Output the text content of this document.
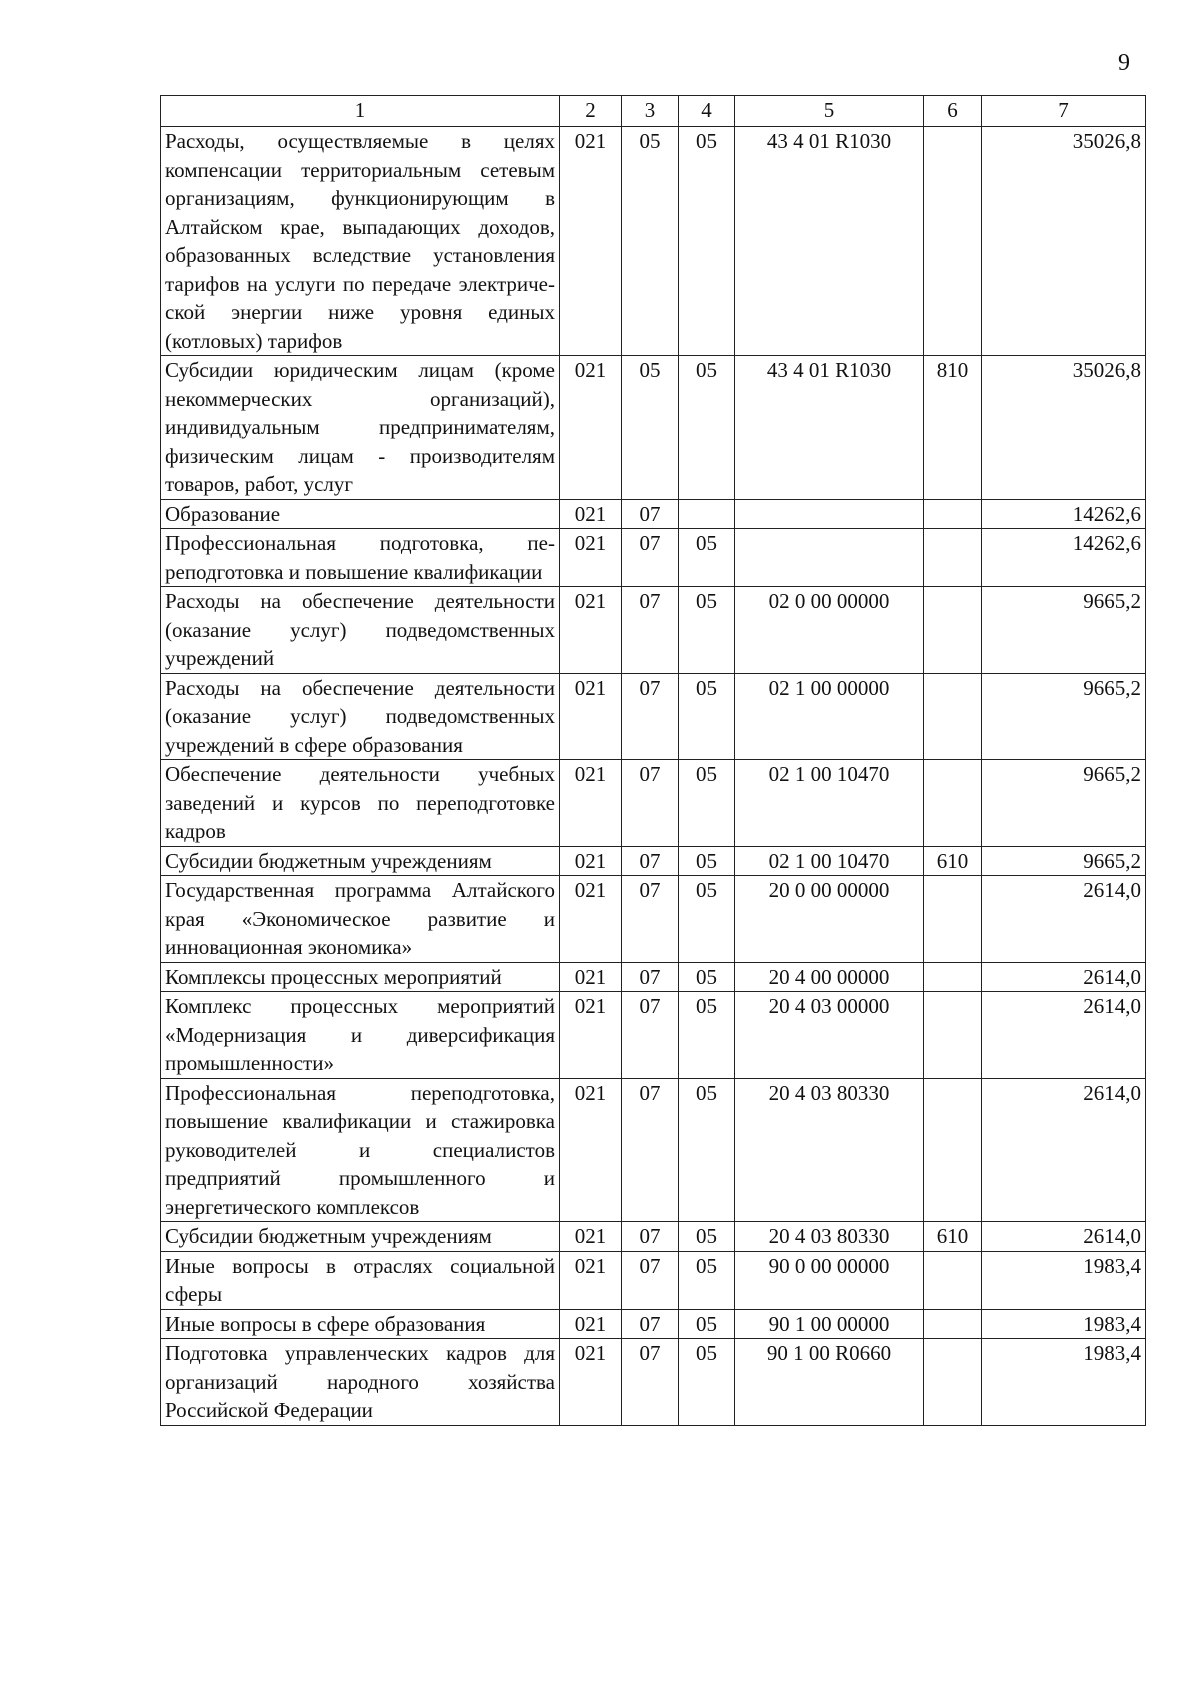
9
1	2	3	4	5	6	7
Расходы, осуществляемые в целях компенсации территориальным сетевым организациям, функционирующим в Алтайском крае, выпадающих доходов, образованных вследствие установления тарифов на услуги по передаче электрической энергии ниже уровня единых (котловых) тарифов	021	05	05	43 4 01 R1030		35026,8
Субсидии юридическим лицам (кроме некоммерческих организаций), индивидуальным предпринимателям, физическим лицам - производителям товаров, работ, услуг	021	05	05	43 4 01 R1030	810	35026,8
Образование	021	07				14262,6
Профессиональная подготовка, переподготовка и повышение квалификации	021	07	05			14262,6
Расходы на обеспечение деятельности (оказание услуг) подведомственных учреждений	021	07	05	02 0 00 00000		9665,2
Расходы на обеспечение деятельности (оказание услуг) подведомственных учреждений в сфере образования	021	07	05	02 1 00 00000		9665,2
Обеспечение деятельности учебных заведений и курсов по переподготовке кадров	021	07	05	02 1 00 10470		9665,2
Субсидии бюджетным учреждениям	021	07	05	02 1 00 10470	610	9665,2
Государственная программа Алтайского края «Экономическое развитие и инновационная экономика»	021	07	05	20 0 00 00000		2614,0
Комплексы процессных мероприятий	021	07	05	20 4 00 00000		2614,0
Комплекс процессных мероприятий «Модернизация и диверсификация промышленности»	021	07	05	20 4 03 00000		2614,0
Профессиональная переподготовка, повышение квалификации и стажировка руководителей и специалистов предприятий промышленного и энергетического комплексов	021	07	05	20 4 03 80330		2614,0
Субсидии бюджетным учреждениям	021	07	05	20 4 03 80330	610	2614,0
Иные вопросы в отраслях социальной сферы	021	07	05	90 0 00 00000		1983,4
Иные вопросы в сфере образования	021	07	05	90 1 00 00000		1983,4
Подготовка управленческих кадров для организаций народного хозяйства Российской Федерации	021	07	05	90 1 00 R0660		1983,4
